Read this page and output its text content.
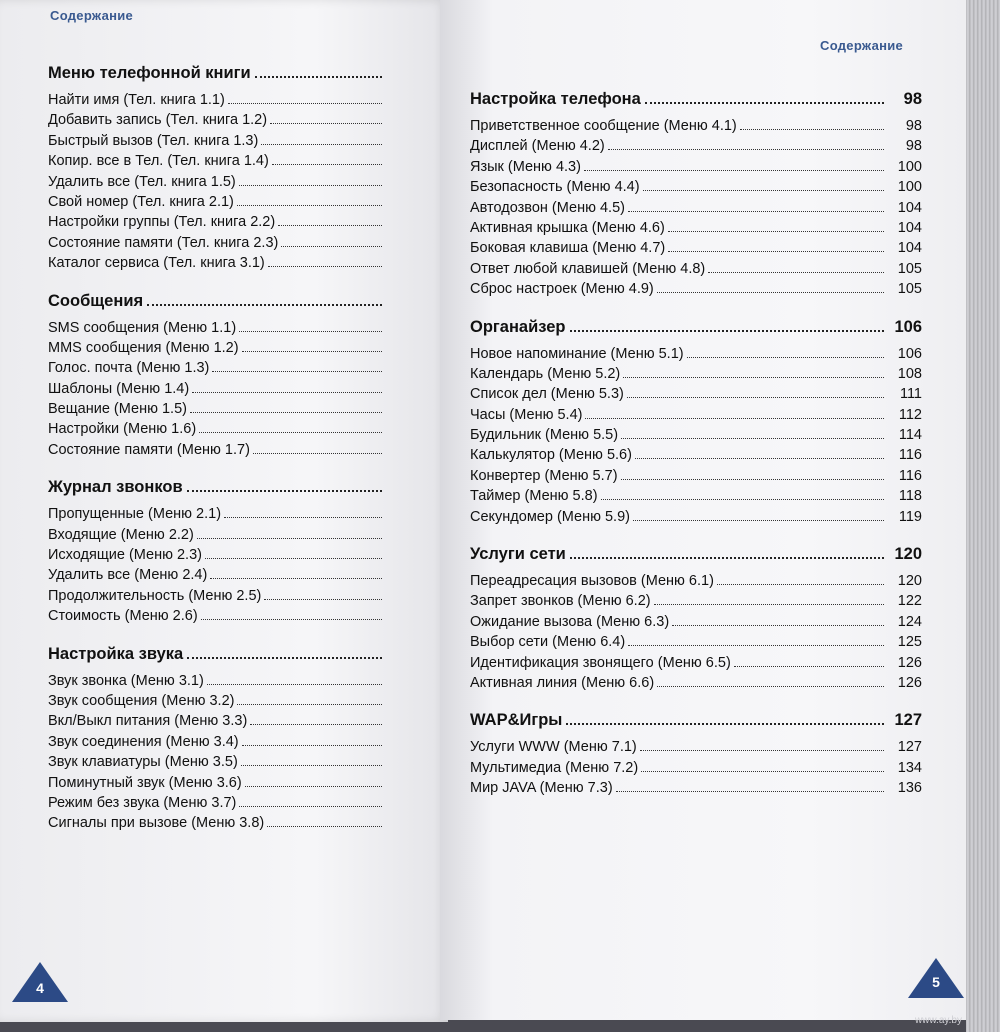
Содержание
Меню телефонной книги
Найти имя (Тел. книга 1.1)
Добавить запись (Тел. книга 1.2)
Быстрый вызов (Тел. книга 1.3)
Копир. все в Тел. (Тел. книга 1.4)
Удалить все (Тел. книга 1.5)
Свой номер (Тел. книга 2.1)
Настройки группы (Тел. книга 2.2)
Состояние памяти (Тел. книга 2.3)
Каталог сервиса (Тел. книга 3.1)
Сообщения
SMS сообщения (Меню 1.1)
MMS сообщения (Меню 1.2)
Голос. почта (Меню 1.3)
Шаблоны (Меню 1.4)
Вещание (Меню 1.5)
Настройки (Меню 1.6)
Состояние памяти (Меню 1.7)
Журнал звонков
Пропущенные (Меню 2.1)
Входящие (Меню 2.2)
Исходящие (Меню 2.3)
Удалить все (Меню 2.4)
Продолжительность (Меню 2.5)
Стоимость (Меню 2.6)
Настройка звука
Звук звонка (Меню 3.1)
Звук сообщения (Меню 3.2)
Вкл/Выкл питания (Меню 3.3)
Звук соединения (Меню 3.4)
Звук клавиатуры (Меню 3.5)
Поминутный звук (Меню 3.6)
Режим без звука (Меню 3.7)
Сигналы при вызове (Меню 3.8)
4
Содержание
Настройка телефона	98
Приветственное сообщение (Меню 4.1)	98
Дисплей (Меню 4.2)	98
Язык (Меню 4.3)	100
Безопасность (Меню 4.4)	100
Автодозвон (Меню 4.5)	104
Активная крышка (Меню 4.6)	104
Боковая клавиша (Меню 4.7)	104
Ответ любой клавишей (Меню 4.8)	105
Сброс настроек (Меню 4.9)	105
Органайзер	106
Новое напоминание (Меню 5.1)	106
Календарь (Меню 5.2)	108
Список дел (Меню 5.3)	111
Часы (Меню 5.4)	112
Будильник (Меню 5.5)	114
Калькулятор (Меню 5.6)	116
Конвертер (Меню 5.7)	116
Таймер (Меню 5.8)	118
Секундомер (Меню 5.9)	119
Услуги сети	120
Переадресация вызовов (Меню 6.1)	120
Запрет звонков (Меню 6.2)	122
Ожидание вызова (Меню 6.3)	124
Выбор сети (Меню 6.4)	125
Идентификация звонящего (Меню 6.5)	126
Активная линия (Меню 6.6)	126
WAP&Игры	127
Услуги WWW (Меню 7.1)	127
Мультимедиа (Меню 7.2)	134
Мир JAVA (Меню 7.3)	136
5
www.ay.by
